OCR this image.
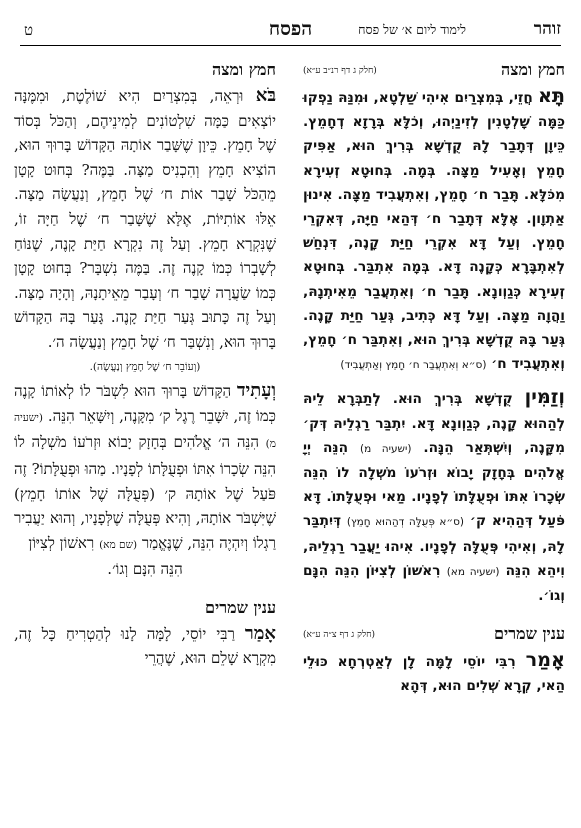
זוהר
לימוד ליום א׳ של פסח
הפסח
ט
חמץ ומצה
(חלק ג דף רנ״ב ע״א)
תָּא חֲזֵי, בְּמִצְרַיִם אִיהִי שַׁלְטָא, וּמִנַּהּ נַפְקוּ כַּמָּה שָׁלְטָנִין לְזִינַיְהוּ, וְכֹלָּא בְּרָזָא דְחָמֵץ. כֵּיוָן דְּתָבַר לָהּ קֻדְשָׁא בְּרִיךְ הוּא, אַפִּיק חָמֵץ וְאָעִיל מַצָּה. בְּמָה. בְּחוּטָא זְעִירָא מִכֹּלָּא. תָּבַר ח׳ חָמֵץ, וְאִתְעֲבִיד מַצָּה. אִינוּן אַתְוָון. אֶלָּא דְּתָבַר ח׳ דְּהַאי חַיָּה, דְּאִקְרֵי חָמֵץ. וְעַל דָּא אִקְרֵי חַיַּת קָנֶה, דִּנְחַשׁ לְאִתְבָּרָא כְּקָנֶה דָּא. בְּמָה אִתְבַּר. בְּחוּטָא זְעִירָא כְּגַוְונָא. תָּבַר ח׳ וְאִתְעֲבַר מֵאִיתְנָהּ, וַהֲוָה מַצָּה. וְעַל דָּא כְּתִיב, גְּעַר חַיַּת קָנֶה. גְּעַר בָּהּ קֻדְשָׁא בְּרִיךְ הוּא, וְאִתְבַּר ח׳ חָמֵץ, וְאִתְעֲבִיד ח׳ (ס״א וְאִתְעֲבַר ח׳ חָמֵץ וְאַתְעֲבִיד)
וְזַמִּין קֻדְשָׁא בְּרִיךְ הוּא. לְתַבְּרָא לֵיהּ לְהַהוּא קָנֶה, כְּגַוְונָא דָּא. יִתְבַּר רַגְלֵיהּ דְּק׳ מִקָּנֶה, וְיִשְׁתְּאַר הֵנָּה. (ישעיה מ) הִנֵּה יְיָ אֱלֹהִים בְּחָזָק יָבוֹא וּזְרֹעוֹ מֹשְׁלָה לוֹ הִנֵּה שְׂכָרוֹ אִתּוֹ וּפְעֻלָּתוֹ לְפָנָיו. מַאי וּפְעֻלָּתוֹ. דָּא פֹּעַל דְּהַהִיא ק׳ (ס״א פְּעֻלָּה דְהַהוּא חָמֵץ) דְּיִתְבַּר לָהּ, וְאִיהִי פְּעֻלָּה לְפָנָיו. אִיהוּ יַעֲבַר רַגְלֵיהּ, וִיהֵא הִנֵּה (ישעיה מא) רִאשׁוֹן לְצִיּוֹן הִנֵּה הִנָּם וְגוֹ׳.
ענין שמרים
(חלק ג דף צ״ה ע״א)
אָמַר רִבִּי יוֹסֵי לָמָּה לָן לְאַטְרְחָא כּוּלֵי הַאי, קְרָא שְׁלִים הוּא, דְּהָא
חמץ ומצה
בֹּא וּרְאֵה, בְּמִצְרַיִם הִיא שׁוֹלֶטֶת, וּמִמֶּנָּה יוֹצְאִים כַּמָּה שִׁלְטוֹנִים לְמִינֵיהֶם, וְהַכֹּל בְּסוֹד שֶׁל חָמֵץ. כֵּיוָן שֶׁשָּׁבַר אוֹתָהּ הַקָּדוֹשׁ בָּרוּךְ הוּא, הוֹצִיא חָמֵץ וְהִכְנִיס מַצָּה. בַּמֶּה? בְּחוּט קָטָן מֵהַכֹּל שָׁבַר אוֹת ח׳ שֶׁל חָמֵץ, וְנַעֲשָׂה מַצָּה. אֵלּוּ אוֹתִיּוֹת, אֶלָּא שֶׁשָּׁבַר ח׳ שֶׁל חַיָּה זוֹ, שֶׁנִּקְרָא חָמֵץ. וְעַל זֶה נִקְרָא חַיַּת קָנֶה, שֶׁנּוֹחַ לְשָׁבְרוֹ כְּמוֹ קָנֶה זֶה. בַּמֶּה נִשְׁבָּר? בְּחוּט קָטָן כְּמוֹ שַׂעֲרָה שָׁבַר ח׳ וְעָבַר מֵאֵיתָנָהּ, וְהָיָה מַצָּה. וְעַל זֶה כָּתוּב גְּעַר חַיַּת קָנֶה. גָּעַר בָּהּ הַקָּדוֹשׁ בָּרוּךְ הוּא, וְנִשְׁבַּר ח׳ שֶׁל חָמֵץ וְנַעֲשָׂה ה׳.
(וְעוֹבֵר ח׳ שֶׁל חָמֵץ וְנַעֲשָׂה).
וְעָתִיד הַקָּדוֹשׁ בָּרוּךְ הוּא לִשְׁבֹּר לוֹ לְאוֹתוֹ קָנֶה כְּמוֹ זֶה, יִשָּׁבֵר רֶגֶל ק׳ מִקָּנֶה, וְיִשָּׁאֵר הִנֵּה. (ישעיה מ) הִנֵּה ה׳ אֱלֹהִים בְּחָזָק יָבוֹא וּזְרֹעוֹ מֹשְׁלָה לוֹ הִנֵּה שְׂכָרוֹ אִתּוֹ וּפְעֻלָּתוֹ לְפָנָיו. מַהוּ וּפְעֻלָּתוֹ? זֶה פֹּעַל שֶׁל אוֹתָהּ ק׳ (פְּעֻלָּה שֶׁל אוֹתוֹ חָמֵץ) שֶׁיִּשְׁבֹּר אוֹתָהּ, וְהִיא פְּעֻלָּה שֶׁלְּפָנָיו, וְהוּא יַעֲבִיר רַגְלוֹ וְיִהְיֶה הִנֵּה, שֶׁנֶּאֱמַר (שם מא) רִאשׁוֹן לְצִיּוֹן
הִנֵּה הִנָּם וְגוֹ׳.
ענין שמרים
אָמַר רַבִּי יוֹסֵי, לָמָּה לָנוּ לְהַטְרִיחַ כָּל זֶה, מִקְרָא שָׁלֵם הוּא, שֶׁהֲרֵי
